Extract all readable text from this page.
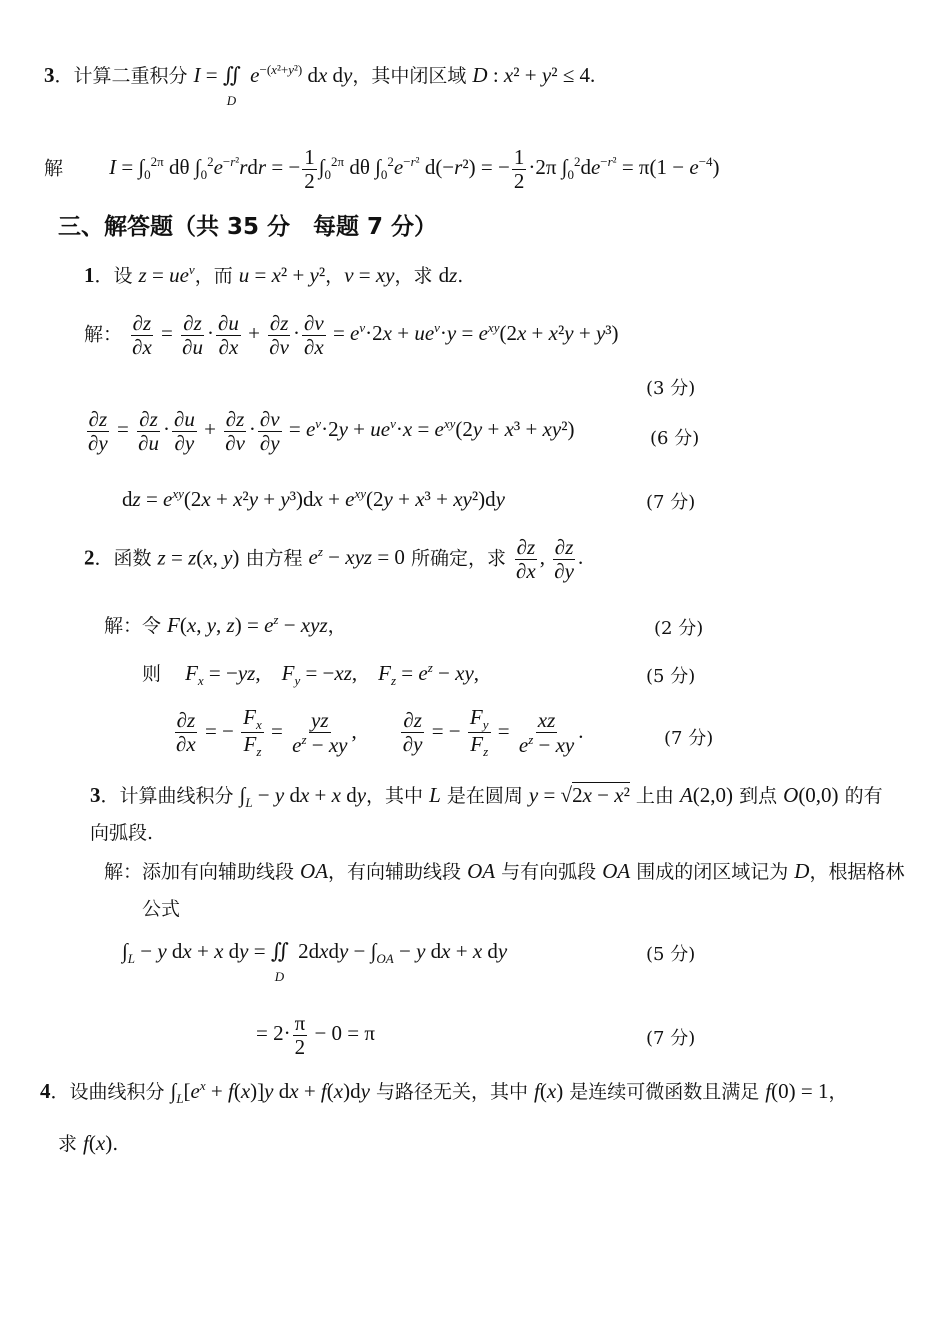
3．计算二重积分 $I = ∬_De^{-(x^2+y^2)}$ dx dy，其中闭区域 D : x² + y² ≤ 4.
解 $I = \int_0^{2\pi}$ dθ $\int_0^2e^{-r^2}rdr$ = − $\frac{1}{2} \int_0^{2\pi}$ dθ $\int_0^2e^{-r^2}$ d(−r²) = − $\frac{1}{2} \cdot 2\pi$ $\int_0^2de^{-r^2} = \pi(1 - e^{-4})$
三、解答题（共 35 分　每题 7 分）
1．设 $z = ue^v$，而 u = x² + y²，v = xy，求 dz.
解： $\frac{\partial z}{\partial x} = \frac{\partial z}{\partial u} \cdot \frac{\partial u}{\partial x} + \frac{\partial z}{\partial v} \cdot \frac{\partial v}{\partial x} = e^v\cdot 2x + ue^v\cdot y = e^{xy}(2x + x^2y + y^3)$
(3 分)
$\frac{\partial z}{\partial y} = \frac{\partial z}{\partial u} \cdot \frac{\partial u}{\partial y} + \frac{\partial z}{\partial v} \cdot \frac{\partial v}{\partial y} = e^v\cdot 2y + ue^v\cdot x = e^{xy}(2y + x^3 + xy^2)$	(6 分)
dz = $e^{xy}(2x + x^2y + y^3)dx + e^{xy}(2y + x^3 + xy^2)dy$	(7 分)
2．函数 z = z(x, y) 由方程 $e^z$ − xyz = 0 所确定，求 $\frac{\partial z}{\partial x}$ , $\frac{\partial z}{\partial y}$ .
解：令 F(x, y, $z) = e^z$ − xyz，	(2 分)
则 $F_x = -yz$,    $F_y = -xz$,    $F_z = e^z$ − xy,	(5 分)
$\frac{\partial z}{\partial x}$ = − $\frac{F_x}{F_z} = \frac{yz}{e^z - xy}$ , $\frac{\partial z}{\partial y}$ = − $\frac{F_y}{F_z} = \frac{xz}{e^z - xy}$ .	(7 分)
3．计算曲线积分 $\int_L - y$ dx + x dy，其中 L 是在圆周 y = √2x − x² 上由 A(2,0) 到点 O(0,0) 的有
向弧段.
解：添加有向辅助线段 OA，有向辅助线段 OA 与有向弧段 OA 围成的闭区域记为 D，根据格林
公式
$\int_L - y$ dx + x dy = $∬_D2dxdy - \int_{OA} - y$ dx + x dy	(5 分)
= $2\cdot \frac{\pi}{2} - 0 = \pi$	(7 分)
4．设曲线积分 $\int_L[e^x + f(x)]y$ dx + f(x)dy 与路径无关，其中 f(x) 是连续可微函数且满足 f(0) = 1，
求 f(x).
